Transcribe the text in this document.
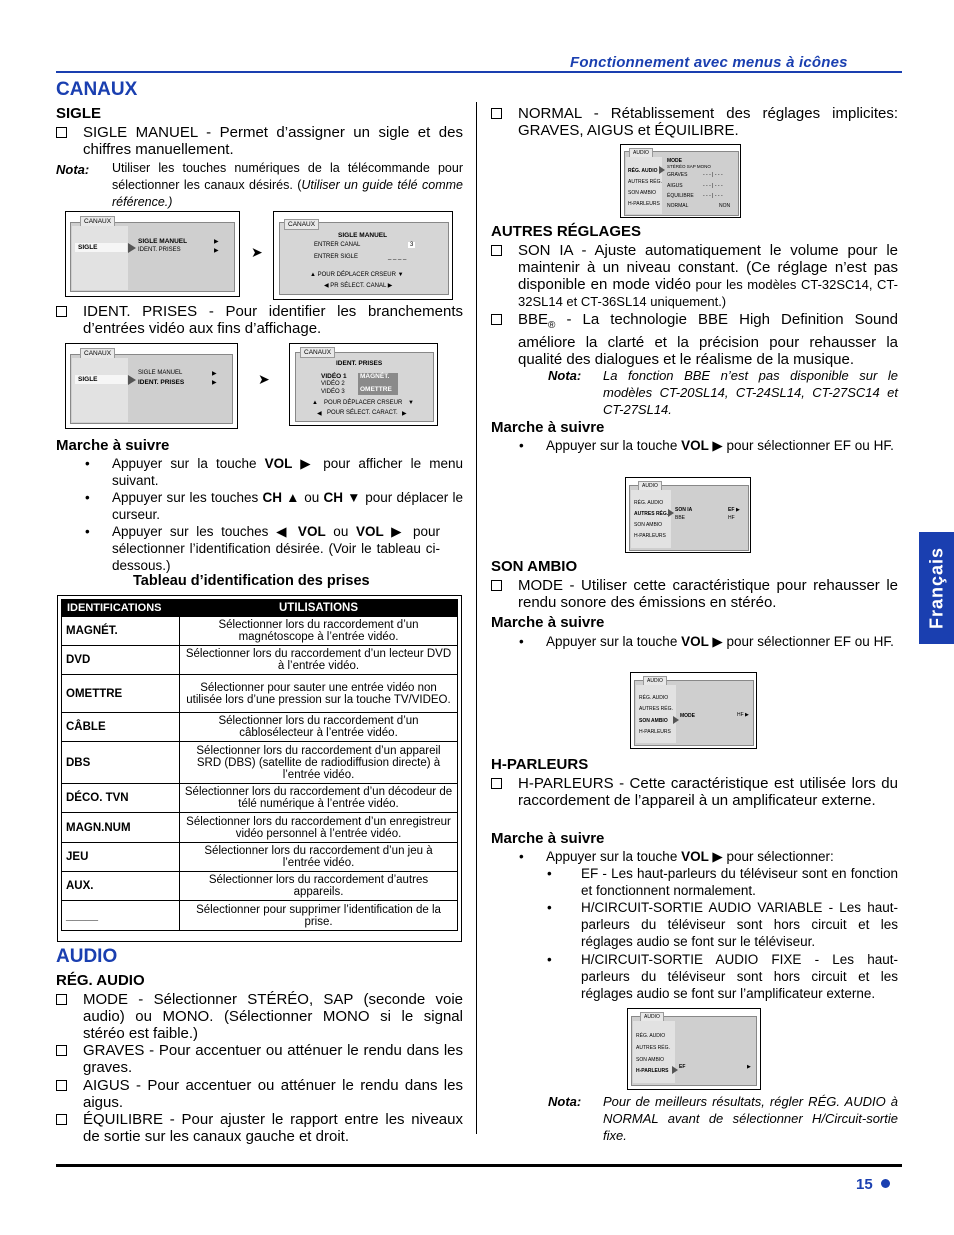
Fonctionnement avec menus à icônes
Français
CANAUX
SIGLE
SIGLE MANUEL - Permet d’assigner un sigle et des chiffres manuellement.
Nota: Utiliser les touches numériques de la télécommande pour sélectionner les canaux désirés. (Utiliser un guide télé comme référence.)
CANAUX
SIGLE
SIGLE MANUEL
IDENT. PRISES
▶
▶ ➤
CANAUX
SIGLE MANUEL
ENTRER CANAL	3
ENTRER SIGLE	_ _ _ _
▲ POUR DÉPLACER CRSEUR ▼
◀ PR SÉLECT. CANAL ▶
IDENT. PRISES - Pour identifier les branchements d’entrées vidéo aux fins d’affichage.
CANAUX
SIGLE
SIGLE MANUEL
IDENT. PRISES
▶
▶	➤
CANAUX
IDENT. PRISES
VIDÉO 1
VIDÉO 2
VIDÉO 3
MAGNÉT.
OMETTRE
▲ POUR DÉPLACER CRSEUR ▼
◀ POUR SÉLECT. CARACT. ▶
Marche à suivre
• Appuyer sur la touche VOL ▶ pour afficher le menu suivant.
• Appuyer sur les touches CH ▲ ou CH ▼ pour déplacer le curseur.
• Appuyer sur les touches ◀ VOL ou VOL ▶ pour sélectionner l’identification désirée. (Voir le tableau ci-dessous.)
Tableau d’identification des prises
IDENTIFICATIONS	UTILISATIONS
MAGNÉT.	Sélectionner lors du raccordement d’un magnétoscope à l’entrée vidéo.
DVD	Sélectionner lors du raccordement d’un lecteur DVD à l’entrée vidéo.
OMETTRE	Sélectionner pour sauter une entrée vidéo non utilisée lors d’une pression sur la touche TV/VIDEO.
CÂBLE	Sélectionner lors du raccordement d’un câblosélecteur à l’entrée vidéo.
DBS	Sélectionner lors du raccordement d’un appareil SRD (DBS) (satellite de radiodiffusion directe) à l’entrée vidéo.
DÉCO. TVN	Sélectionner lors du raccordement d’un décodeur de télé numérique à l’entrée vidéo.
MAGN.NUM	Sélectionner lors du raccordement d’un enregistreur vidéo personnel à l’entrée vidéo.
JEU	Sélectionner lors du raccordement d’un jeu à l’entrée vidéo.
AUX.	Sélectionner lors du raccordement d’autres appareils.
_____	Sélectionner pour supprimer l’identification de la prise.
AUDIO
RÉG. AUDIO
MODE - Sélectionner STÉRÉO, SAP (seconde voie audio) ou MONO. (Sélectionner MONO si le signal stéréo est faible.)
GRAVES - Pour accentuer ou atténuer le rendu dans les graves.
AIGUS - Pour accentuer ou atténuer le rendu dans les aigus.
ÉQUILIBRE - Pour ajuster le rapport entre les niveaux de sortie sur les canaux gauche et droit.
NORMAL - Rétablissement des réglages implicites: GRAVES, AIGUS et ÉQUILIBRE.
AUDIO
RÉG. AUDIO
AUTRES RÉG.
SON AMBIO
H-PARLEURS
MODE
STÉRÉO SAP MONO
GRAVES
AIGUS
ÉQUILIBRE
NORMAL	NON
- - - | - - -
- - - | - - -
- - - | - - -
AUTRES RÉGLAGES
SON IA - Ajuste automatiquement le volume pour le maintenir à un niveau constant. (Ce réglage n’est pas disponible en mode vidéo pour les modèles CT-32SC14, CT-32SL14 et CT-36SL14 uniquement.)
$BBE_®$ - La technologie BBE High Definition Sound améliore la clarté et la précision pour rehausser la qualité des dialogues et le réalisme de la musique.
Nota: La fonction BBE n’est pas disponible sur le modèles CT-20SL14, CT-24SL14, CT-27SC14 et CT-27SL14.
Marche à suivre
• Appuyer sur la touche VOL ▶ pour sélectionner EF ou HF.
AUDIO
RÉG. AUDIO
AUTRES RÉG.
SON AMBIO
H-PARLEURS
SON IA
BBE
EF ▶
HF
SON AMBIO
MODE - Utiliser cette caractéristique pour rehausser le rendu sonore des émissions en stéréo.
Marche à suivre
• Appuyer sur la touche VOL ▶ pour sélectionner EF ou HF.
AUDIO
RÉG. AUDIO
AUTRES RÉG.
SON AMBIO
H-PARLEURS
MODE	HF ▶
H-PARLEURS
H-PARLEURS - Cette caractéristique est utilisée lors du raccordement de l’appareil à un amplificateur externe.
Marche à suivre
• Appuyer sur la touche VOL ▶ pour sélectionner:
• EF - Les haut-parleurs du téléviseur sont en fonction et fonctionnent normalement.
• H/CIRCUIT-SORTIE AUDIO VARIABLE - Les haut-parleurs du téléviseur sont hors circuit et les réglages audio se font sur le téléviseur.
• H/CIRCUIT-SORTIE AUDIO FIXE - Les haut-parleurs du téléviseur sont hors circuit et les réglages audio se font sur l’amplificateur externe.
AUDIO
RÉG. AUDIO
AUTRES RÉG.
SON AMBIO
H-PARLEURS
EF	▶
Nota: Pour de meilleurs résultats, régler RÉG. AUDIO à NORMAL avant de sélectionner H/Circuit-sortie fixe.
15
